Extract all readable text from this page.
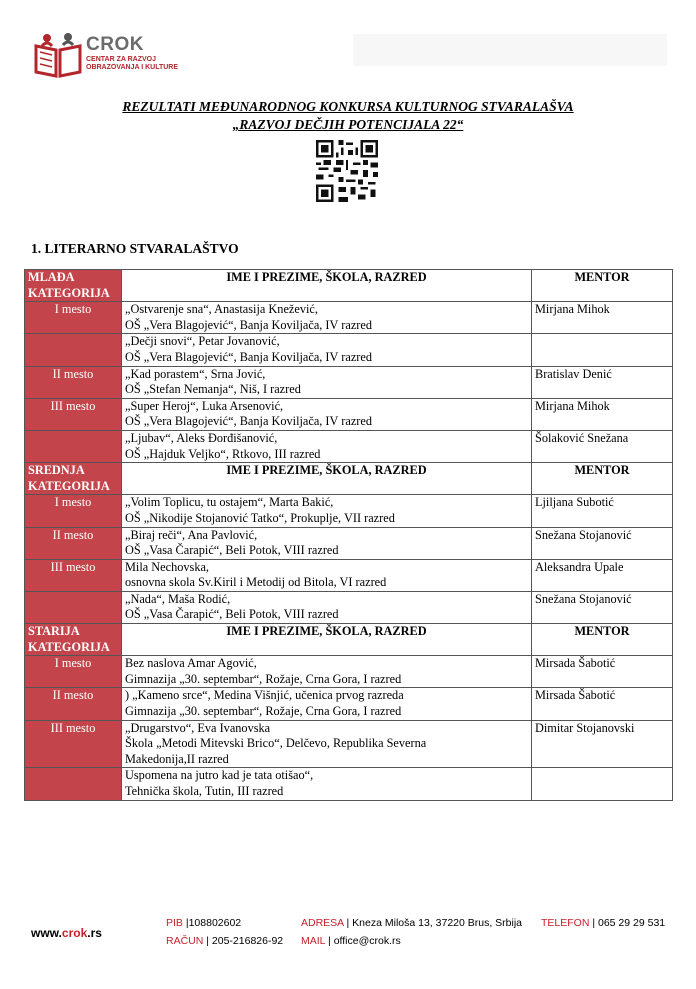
CROK
CENTAR ZA RAZVOJ
OBRAZOVANJA I KULTURE
REZULTATI MEĐUNARODNOG KONKURSA KULTURNOG STVARALAŠVA
„RAZVOJ DEČJIH POTENCIJALA 22“
1. LITERARNO STVARALAŠTVO
MLAĐA KATEGORIJA	IME I PREZIME, ŠKOLA, RAZRED	MENTOR
I mesto	„Ostvarenje sna“, Anastasija Knežević,
OŠ „Vera Blagojević“, Banja Koviljača, IV razred	Mirjana Mihok

	„Dečji snovi“, Petar Jovanović,
OŠ „Vera Blagojević“, Banja Koviljača, IV razred	

II mesto	„Kad porastem“, Srna Jović,
OŠ „Stefan Nemanja“, Niš, I razred	Bratislav Denić
III mesto	„Super Heroj“, Luka Arsenović,
OŠ „Vera Blagojević“, Banja Koviljača, IV razred	Mirjana Mihok

	„Ljubav“, Aleks Đorđišanović,
OŠ „Hajduk Veljko“, Rtkovo, III razred	Šolaković Snežana
SREDNJA KATEGORIJA	IME I PREZIME, ŠKOLA, RAZRED	MENTOR
I mesto	„Volim Toplicu, tu ostajem“, Marta Bakić,
OŠ „Nikodije Stojanović Tatko“, Prokuplje, VII razred	Ljiljana Subotić
II mesto	„Biraj reči“, Ana Pavlović,
OŠ „Vasa Čarapić“, Beli Potok, VIII razred	Snežana Stojanović
III mesto	Mila Nechovska,
osnovna skola Sv.Kiril i Metodij od Bitola, VI razred	Aleksandra Upale

	„Nada“, Maša Rodić,
OŠ „Vasa Čarapić“, Beli Potok, VIII razred	Snežana Stojanović
STARIJA KATEGORIJA	IME I PREZIME, ŠKOLA, RAZRED	MENTOR
I mesto	Bez naslova Amar Agović,
Gimnazija „30. septembar“, Rožaje, Crna Gora, I razred	Mirsada Šabotić
II mesto	) „Kameno srce“, Medina Višnjić, učenica prvog razreda
Gimnazija „30. septembar“, Rožaje, Crna Gora, I razred	Mirsada Šabotić
III mesto	„Drugarstvo“, Eva Ivanovska
Škola „Metodi Mitevski Brico“, Delčevo, Republika Severna
Makedonija,II razred	Dimitar Stojanovski

	Uspomena na jutro kad je tata otišao“,
Tehnička škola, Tutin, III razred	

www.crok.rs
PIB |108802602
RAČUN | 205-216826-92
ADRESA | Kneza Miloša 13, 37220 Brus, Srbija
MAIL | office@crok.rs
TELEFON | 065 29 29 531
